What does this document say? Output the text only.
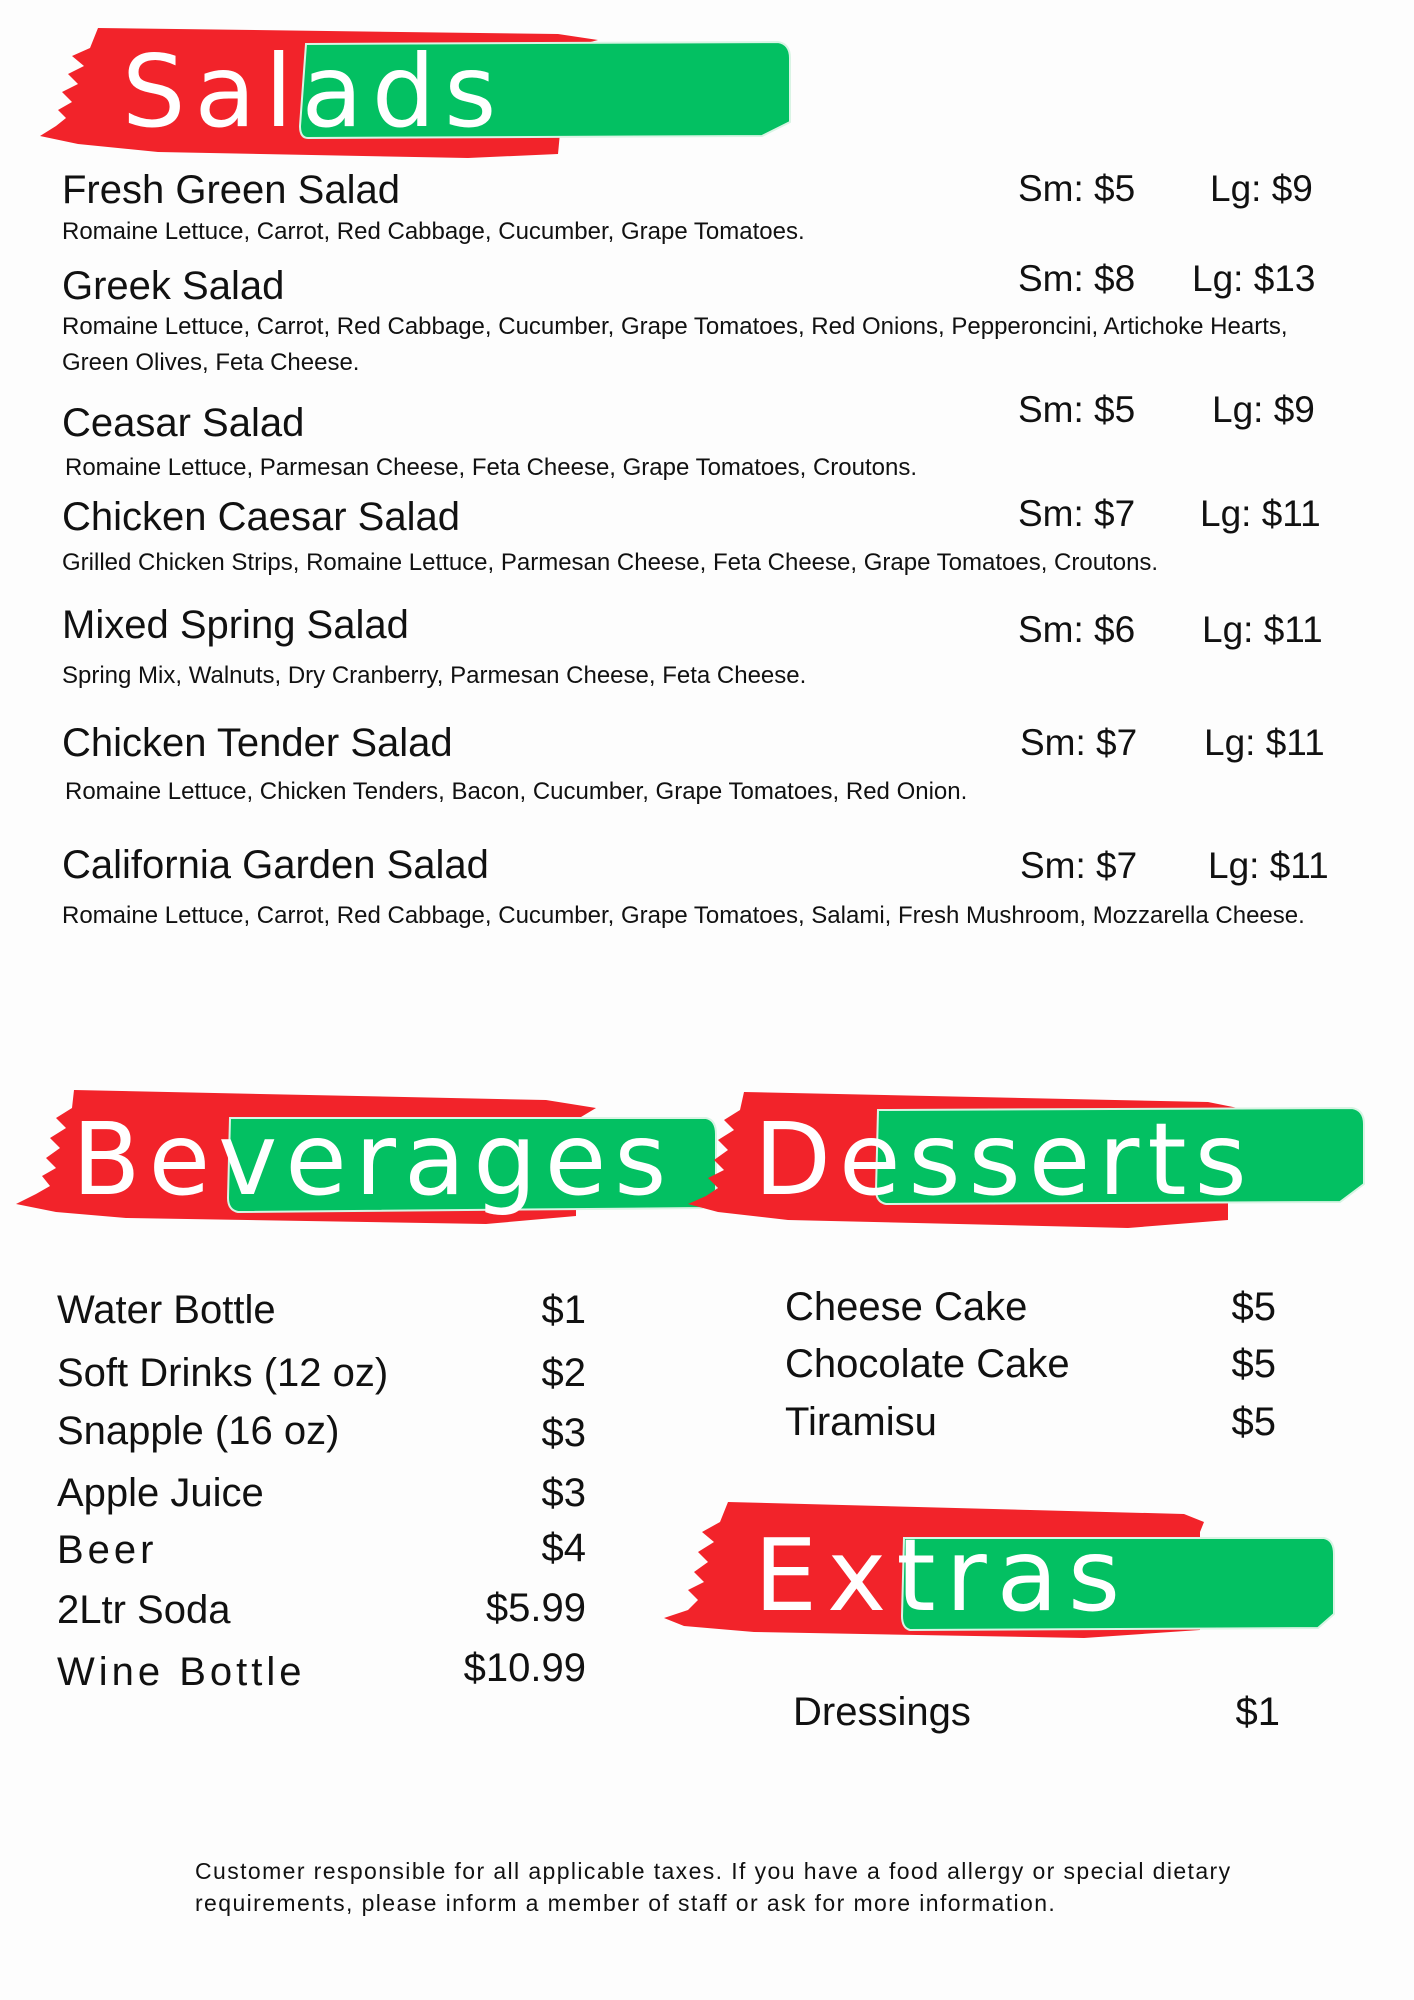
Salads
Fresh Green Salad	Sm: $5 Lg: $9
Romaine Lettuce, Carrot, Red Cabbage, Cucumber, Grape Tomatoes.
Greek Salad	Sm: $8 Lg: $13
Romaine Lettuce, Carrot, Red Cabbage, Cucumber, Grape Tomatoes, Red Onions, Pepperoncini, Artichoke Hearts, Green Olives, Feta Cheese.
Ceasar Salad	Sm: $5 Lg: $9
Romaine Lettuce, Parmesan Cheese, Feta Cheese, Grape Tomatoes, Croutons.
Chicken Caesar Salad	Sm: $7 Lg: $11
Grilled Chicken Strips, Romaine Lettuce, Parmesan Cheese, Feta Cheese, Grape Tomatoes, Croutons.
Mixed Spring Salad	Sm: $6 Lg: $11
Spring Mix, Walnuts, Dry Cranberry, Parmesan Cheese, Feta Cheese.
Chicken Tender Salad	Sm: $7 Lg: $11
Romaine Lettuce, Chicken Tenders, Bacon, Cucumber, Grape Tomatoes, Red Onion.
California Garden Salad	Sm: $7 Lg: $11
Romaine Lettuce, Carrot, Red Cabbage, Cucumber, Grape Tomatoes, Salami, Fresh Mushroom, Mozzarella Cheese.
Beverages Desserts
Water Bottle	$1
Soft Drinks (12 oz)	$2
Snapple (16 oz)	$3
Apple Juice	$3
Beer	$4
2Ltr Soda	$5.99
Wine Bottle	$10.99
Cheese Cake	$5
Chocolate Cake	$5
Tiramisu	$5
Extras
Dressings	$1
Customer responsible for all applicable taxes. If you have a food allergy or special dietary requirements, please inform a member of staff or ask for more information.
